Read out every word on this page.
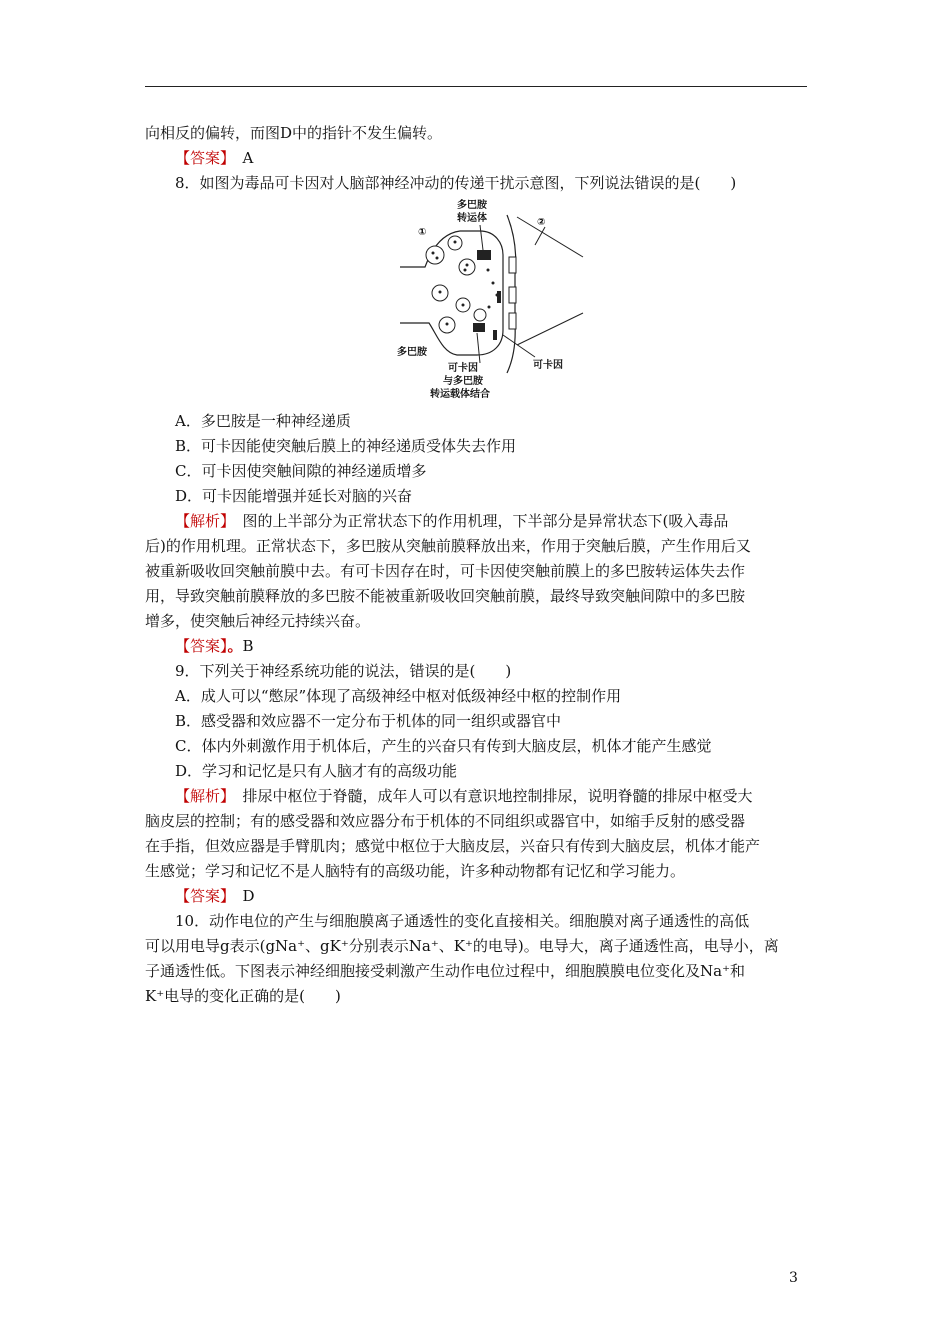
向相反的偏转，而图D中的指针不发生偏转。
【答案】　 A
8．如图为毒品可卡因对人脑部神经冲动的传递干扰示意图，下列说法错误的是(　　)
多巴胺
转运体
①
②
多巴胺
可卡因
与多巴胺
转运载体结合
可卡因
A．多巴胺是一种神经递质
B．可卡因能使突触后膜上的神经递质受体失去作用
C．可卡因使突触间隙的神经递质增多
D．可卡因能增强并延长对脑的兴奋
【解析】　 图的上半部分为正常状态下的作用机理，下半部分是异常状态下(吸入毒品
后)的作用机理。正常状态下，多巴胺从突触前膜释放出来，作用于突触后膜，产生作用后又
被重新吸收回突触前膜中去。有可卡因存在时，可卡因使突触前膜上的多巴胺转运体失去作
用，导致突触前膜释放的多巴胺不能被重新吸收回突触前膜，最终导致突触间隙中的多巴胺
增多，使突触后神经元持续兴奋。
【答案】。B
9．下列关于神经系统功能的说法，错误的是(　　)
A．成人可以“憋尿”体现了高级神经中枢对低级神经中枢的控制作用
B．感受器和效应器不一定分布于机体的同一组织或器官中
C．体内外刺激作用于机体后，产生的兴奋只有传到大脑皮层，机体才能产生感觉
D．学习和记忆是只有人脑才有的高级功能
【解析】　 排尿中枢位于脊髓，成年人可以有意识地控制排尿，说明脊髓的排尿中枢受大
脑皮层的控制；有的感受器和效应器分布于机体的不同组织或器官中，如缩手反射的感受器
在手指，但效应器是手臂肌肉；感觉中枢位于大脑皮层，兴奋只有传到大脑皮层，机体才能产
生感觉；学习和记忆不是人脑特有的高级功能，许多种动物都有记忆和学习能力。
【答案】　 D
10．动作电位的产生与细胞膜离子通透性的变化直接相关。细胞膜对离子通透性的高低
可以用电导g表示(gNa⁺、gK⁺分别表示Na⁺、K⁺的电导)。电导大，离子通透性高，电导小，离
子通透性低。下图表示神经细胞接受刺激产生动作电位过程中，细胞膜膜电位变化及Na⁺和
K⁺电导的变化正确的是(　　)
3
